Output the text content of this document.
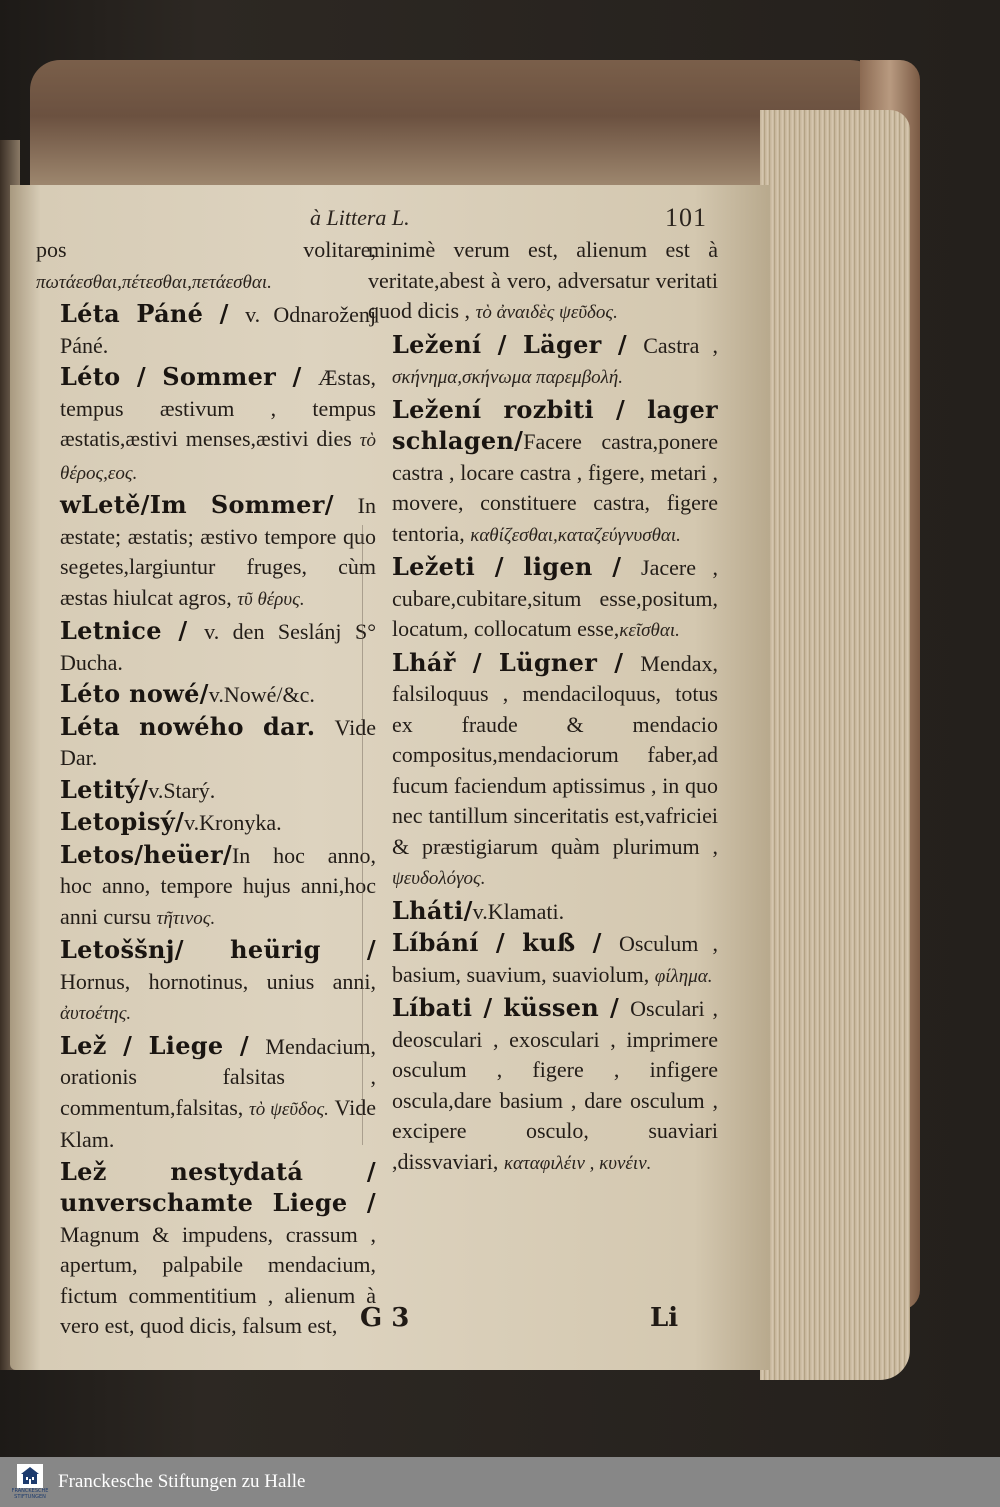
à Littera L.	101

pos volitare, πωτάεσθαι,πέτεσθαι,πετάεσθαι.

Léta Páné / v. Odnaroženj Páné.

Léto / Sommer / Æstas, tempus æstivum , tempus æstatis,æstivi menses,æstivi dies τὸ θέρος,εος.

wLetě/Im Sommer/ In æstate; æstatis; æstivo tempore quo segetes,largiuntur fruges, cùm æstas hiulcat agros, τῦ θέρυς.

Letnice / v. den Seslánj S° Ducha.

Léto nowé/v.Nowé/&c.

Léta nowého dar. Vide Dar.

Letitý/v.Starý.

Letopisý/v.Kronyka.

Letos/heüer/In hoc anno, hoc anno, tempore hujus anni,hoc anni cursu τῆτινος.

Letoššnj/ heürig / Hornus, hornotinus, unius anni, ἀυτοέτης.

Lež / Liege / Mendacium, orationis falsitas , commentum,falsitas, τὸ ψεῦδος. Vide Klam.

Lež nestydatá / unverschamte Liege / Magnum & impudens, crassum , apertum, palpabile mendacium, fictum commentitium , alienum à vero est, quod dicis, falsum est,

minimè verum est, alienum est à veritate,abest à vero, adversatur veritati quod dicis , τὸ ἀναιδὲς ψεῦδος.

Ležení / Läger / Castra , σκήνημα,σκήνωμα παρεμβολή.

Ležení rozbiti / lager schlagen/Facere castra,ponere castra , locare castra , figere, metari , movere, constituere castra, figere tentoria, καθίζεσθαι,καταζεύγνυσθαι.

Ležeti / ligen / Jacere , cubare,cubitare,situm esse,positum, locatum, collocatum esse,κεῖσθαι.

Lhář / Lügner / Mendax, falsiloquus , mendaciloquus, totus ex fraude & mendacio compositus,mendaciorum faber,ad fucum faciendum aptissimus , in quo nec tantillum sinceritatis est,vafriciei & præstigiarum quàm plurimum , ψευδολόγος.

Lháti/v.Klamati.

Líbání / kuß / Osculum , basium, suavium, suaviolum, φίλημα.

Líbati / küssen / Osculari , deosculari , exosculari , imprimere osculum , figere , infigere oscula,dare basium , dare osculum , excipere osculo, suaviari ,dissvaviari, καταφιλέιν , κυνέιν.

G 3	Li
FRANCKESCHE STIFTUNGEN
Franckesche Stiftungen zu Halle
